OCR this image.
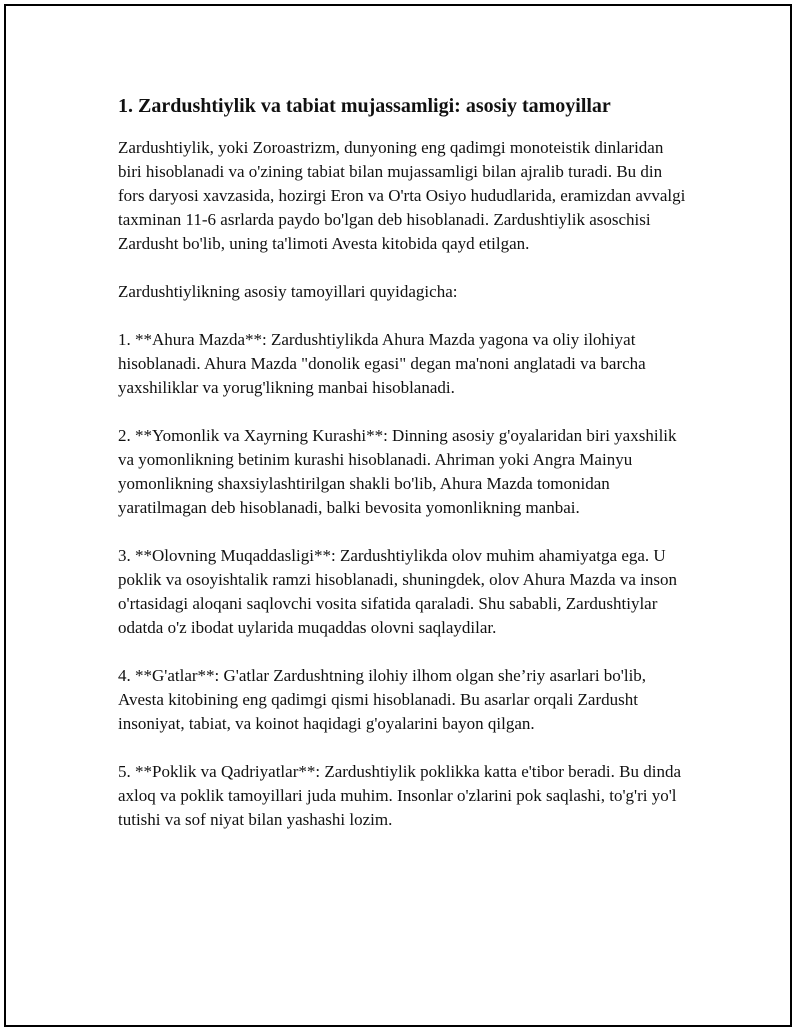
1. Zardushtiylik va tabiat mujassamligi: asosiy tamoyillar

Zardushtiylik, yoki Zoroastrizm, dunyoning eng qadimgi monoteistik dinlaridan biri hisoblanadi va o'zining tabiat bilan mujassamligi bilan ajralib turadi. Bu din fors daryosi xavzasida, hozirgi Eron va O'rta Osiyo hududlarida, eramizdan avvalgi taxminan 11-6 asrlarda paydo bo'lgan deb hisoblanadi. Zardushtiylik asoschisi Zardusht bo'lib, uning ta'limoti Avesta kitobida qayd etilgan.

Zardushtiylikning asosiy tamoyillari quyidagicha:

1. **Ahura Mazda**: Zardushtiylikda Ahura Mazda yagona va oliy ilohiyat hisoblanadi. Ahura Mazda "donolik egasi" degan ma'noni anglatadi va barcha yaxshiliklar va yorug'likning manbai hisoblanadi.

2. **Yomonlik va Xayrning Kurashi**: Dinning asosiy g'oyalaridan biri yaxshilik va yomonlikning betinim kurashi hisoblanadi. Ahriman yoki Angra Mainyu yomonlikning shaxsiylashtirilgan shakli bo'lib, Ahura Mazda tomonidan yaratilmagan deb hisoblanadi, balki bevosita yomonlikning manbai.

3. **Olovning Muqaddasligi**: Zardushtiylikda olov muhim ahamiyatga ega. U poklik va osoyishtalik ramzi hisoblanadi, shuningdek, olov Ahura Mazda va inson o'rtasidagi aloqani saqlovchi vosita sifatida qaraladi. Shu sababli, Zardushtiylar odatda o'z ibodat uylarida muqaddas olovni saqlaydilar.

4. **G'atlar**: G'atlar Zardushtning ilohiy ilhom olgan she’riy asarlari bo'lib, Avesta kitobining eng qadimgi qismi hisoblanadi. Bu asarlar orqali Zardusht insoniyat, tabiat, va koinot haqidagi g'oyalarini bayon qilgan.

5. **Poklik va Qadriyatlar**: Zardushtiylik poklikka katta e'tibor beradi. Bu dinda axloq va poklik tamoyillari juda muhim. Insonlar o'zlarini pok saqlashi, to'g'ri yo'l tutishi va sof niyat bilan yashashi lozim.
